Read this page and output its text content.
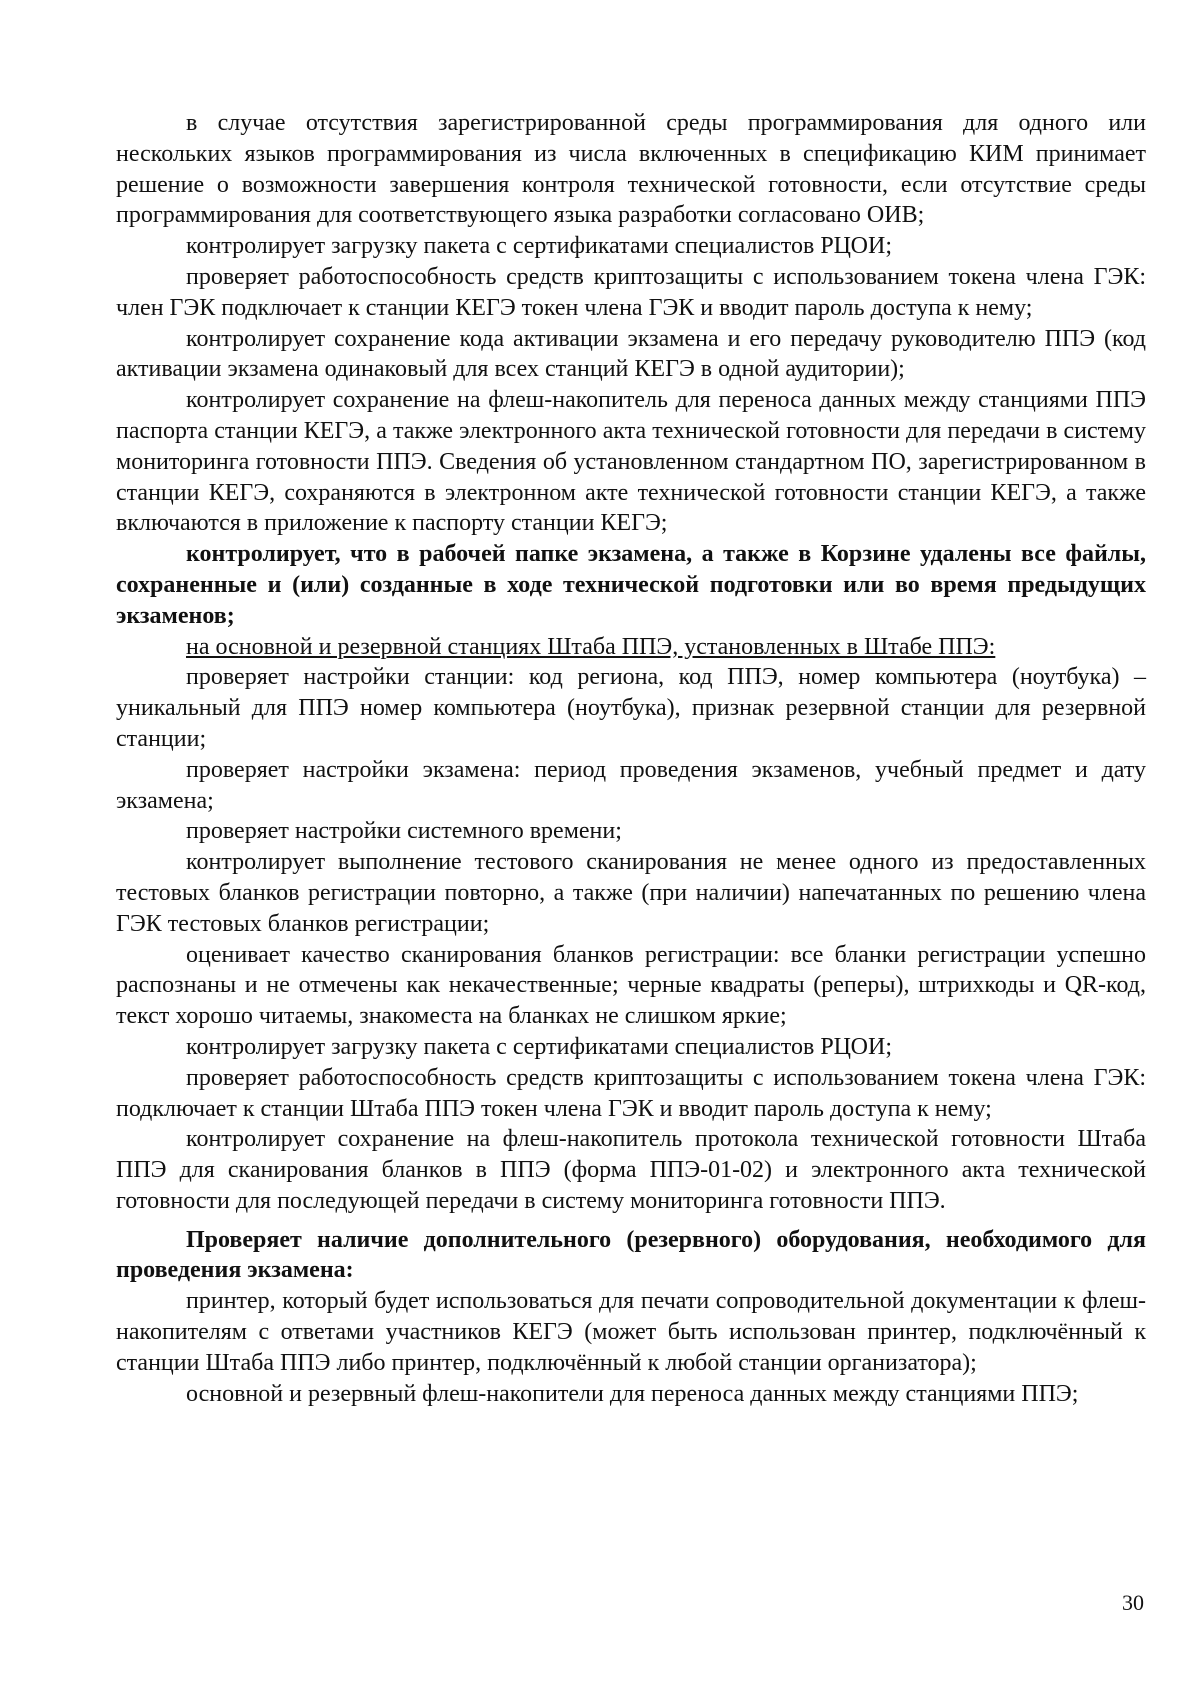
в случае отсутствия зарегистрированной среды программирования для одного или нескольких языков программирования из числа включенных в спецификацию КИМ принимает решение о возможности завершения контроля технической готовности, если отсутствие среды программирования для соответствующего языка разработки согласовано ОИВ;

контролирует загрузку пакета с сертификатами специалистов РЦОИ;

проверяет работоспособность средств криптозащиты с использованием токена члена ГЭК: член ГЭК подключает к станции КЕГЭ токен члена ГЭК и вводит пароль доступа к нему;

контролирует сохранение кода активации экзамена и его передачу руководителю ППЭ (код активации экзамена одинаковый для всех станций КЕГЭ в одной аудитории);

контролирует сохранение на флеш-накопитель для переноса данных между станциями ППЭ паспорта станции КЕГЭ, а также электронного акта технической готовности для передачи в систему мониторинга готовности ППЭ. Сведения об установленном стандартном ПО, зарегистрированном в станции КЕГЭ, сохраняются в электронном акте технической готовности станции КЕГЭ, а также включаются в приложение к паспорту станции КЕГЭ;

контролирует, что в рабочей папке экзамена, а также в Корзине удалены все файлы, сохраненные и (или) созданные в ходе технической подготовки или во время предыдущих экзаменов;

на основной и резервной станциях Штаба ППЭ, установленных в Штабе ППЭ:

проверяет настройки станции: код региона, код ППЭ, номер компьютера (ноутбука) – уникальный для ППЭ номер компьютера (ноутбука), признак резервной станции для резервной станции;

проверяет настройки экзамена: период проведения экзаменов, учебный предмет и дату экзамена;

проверяет настройки системного времени;

контролирует выполнение тестового сканирования не менее одного из предоставленных тестовых бланков регистрации повторно, а также (при наличии) напечатанных по решению члена ГЭК тестовых бланков регистрации;

оценивает качество сканирования бланков регистрации: все бланки регистрации успешно распознаны и не отмечены как некачественные; черные квадраты (реперы), штрихкоды и QR-код, текст хорошо читаемы, знакоместа на бланках не слишком яркие;

контролирует загрузку пакета с сертификатами специалистов РЦОИ;

проверяет работоспособность средств криптозащиты с использованием токена члена ГЭК: подключает к станции Штаба ППЭ токен члена ГЭК и вводит пароль доступа к нему;

контролирует сохранение на флеш-накопитель протокола технической готовности Штаба ППЭ для сканирования бланков в ППЭ (форма ППЭ-01-02) и электронного акта технической готовности для последующей передачи в систему мониторинга готовности ППЭ.

Проверяет наличие дополнительного (резервного) оборудования, необходимого для проведения экзамена:

принтер, который будет использоваться для печати сопроводительной документации к флеш-накопителям с ответами участников КЕГЭ (может быть использован принтер, подключённый к станции Штаба ППЭ либо принтер, подключённый к любой станции организатора);

основной и резервный флеш-накопители для переноса данных между станциями ППЭ;

30
